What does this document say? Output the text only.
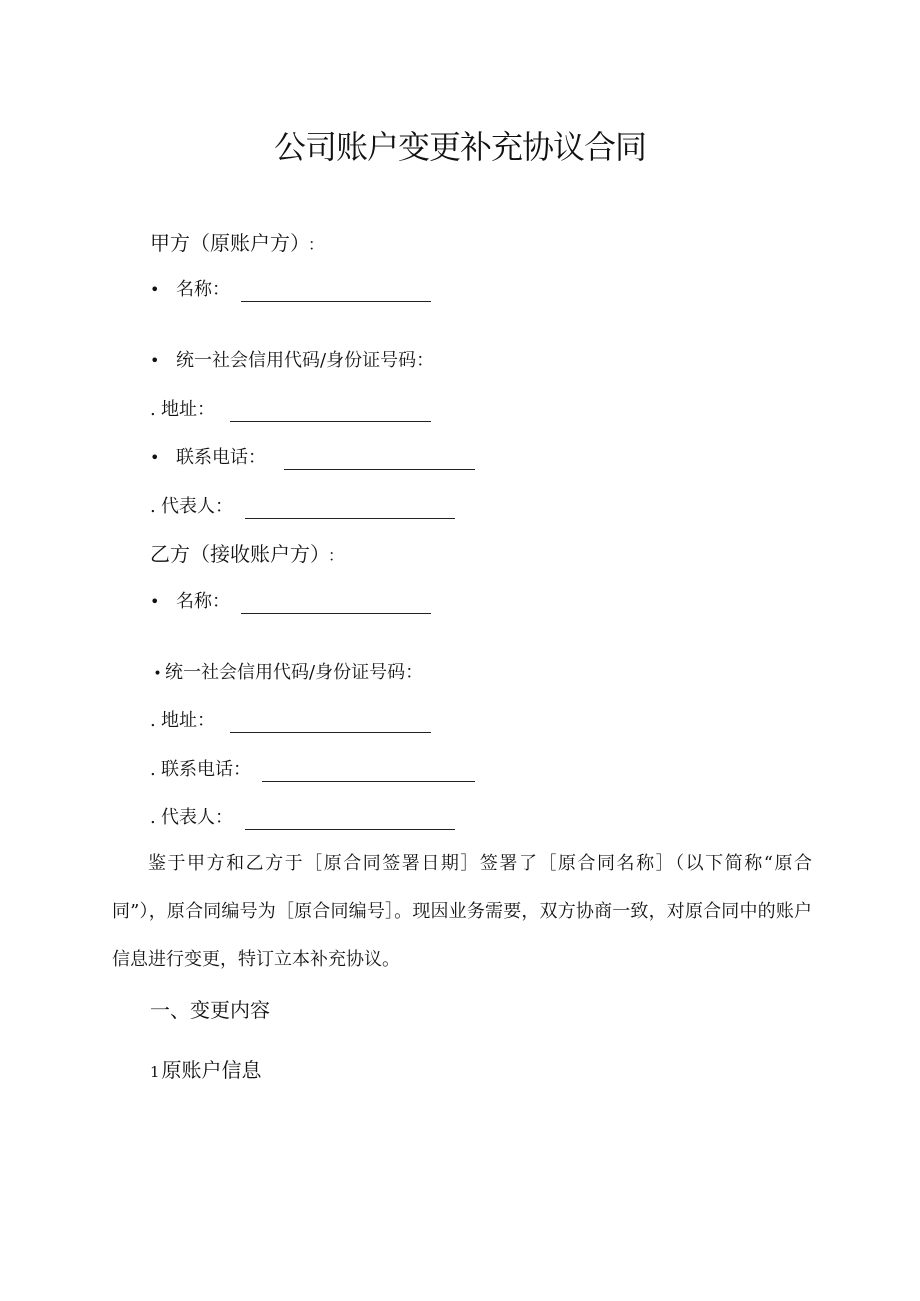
公司账户变更补充协议合同
甲方（原账户方） ：
• 名称：
• 统一社会信用代码/身份证号码：
. 地址：
• 联系电话：
. 代表人：
乙方（接收账户方） ：
• 名称：
• 统一社会信用代码/身份证号码：
. 地址：
. 联系电话：
. 代表人：

鉴于甲方和乙方于［原合同签署日期］签署了［原合同名称］（以下简称“原合同”），原合同编号为［原合同编号］。现因业务需要，双方协商一致，对原合同中的账户信息进行变更，特订立本补充协议。

一、变更内容
1 原账户信息
